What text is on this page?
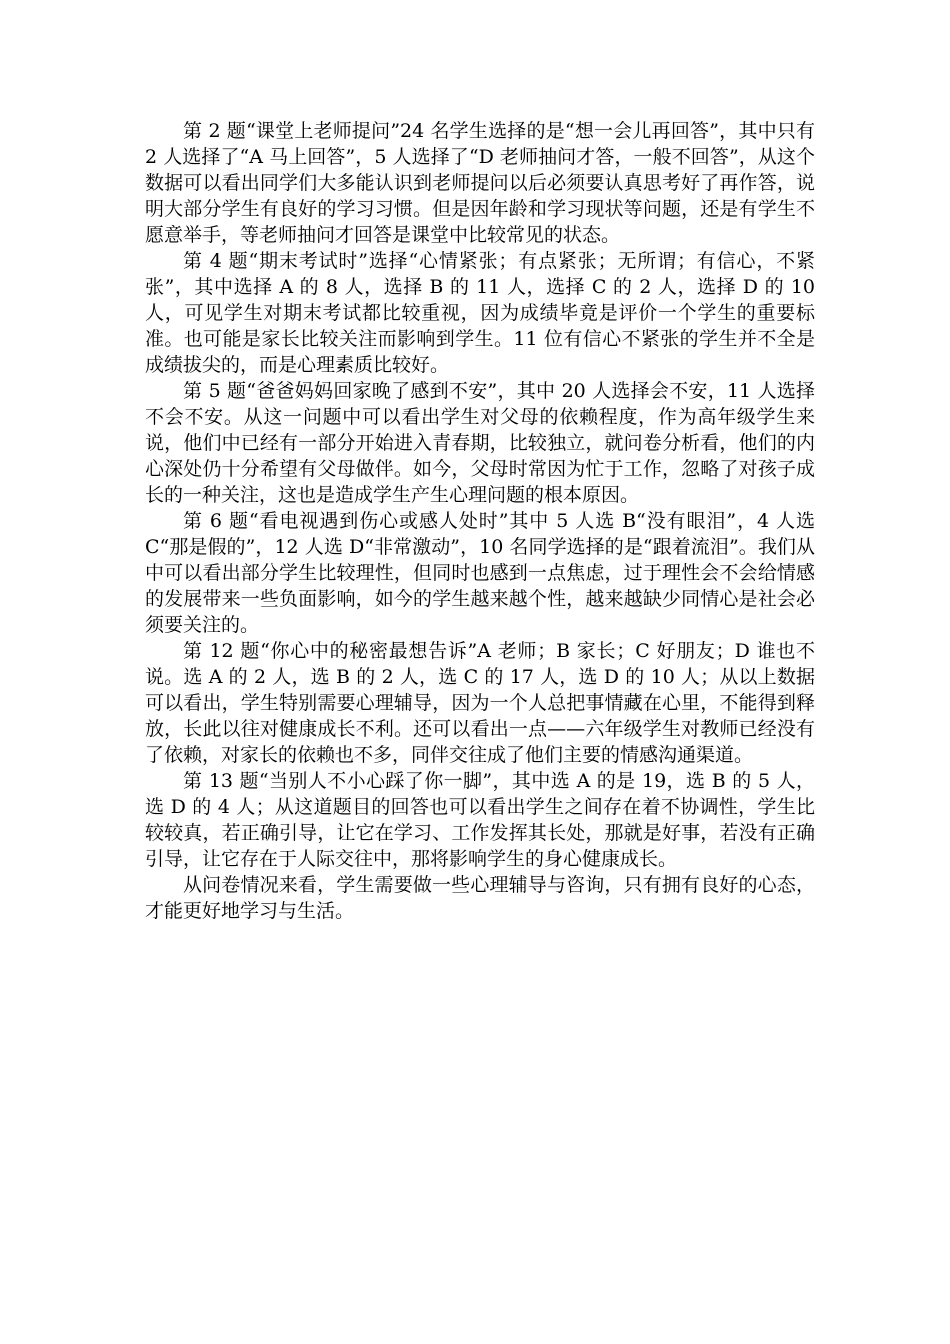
第 2 题“课堂上老师提问”24 名学生选择的是“想一会儿再回答”，其中只有 2 人选择了“A 马上回答”，5 人选择了“D 老师抽问才答，一般不回答”，从这个数据可以看出同学们大多能认识到老师提问以后必须要认真思考好了再作答，说明大部分学生有良好的学习习惯。但是因年龄和学习现状等问题，还是有学生不愿意举手，等老师抽问才回答是课堂中比较常见的状态。

第 4 题“期末考试时”选择“心情紧张；有点紧张；无所谓；有信心，不紧张”，其中选择 A 的 8 人，选择 B 的 11 人，选择 C 的 2 人，选择 D 的 10 人，可见学生对期末考试都比较重视，因为成绩毕竟是评价一个学生的重要标准。也可能是家长比较关注而影响到学生。11 位有信心不紧张的学生并不全是成绩拔尖的，而是心理素质比较好。

第 5 题“爸爸妈妈回家晚了感到不安”，其中 20 人选择会不安，11 人选择不会不安。从这一问题中可以看出学生对父母的依赖程度，作为高年级学生来说，他们中已经有一部分开始进入青春期，比较独立，就问卷分析看，他们的内心深处仍十分希望有父母做伴。如今，父母时常因为忙于工作，忽略了对孩子成长的一种关注，这也是造成学生产生心理问题的根本原因。

第 6 题“看电视遇到伤心或感人处时”其中 5 人选 B“没有眼泪”，4 人选 C“那是假的”，12 人选 D“非常激动”，10 名同学选择的是“跟着流泪”。我们从中可以看出部分学生比较理性，但同时也感到一点焦虑，过于理性会不会给情感的发展带来一些负面影响，如今的学生越来越个性，越来越缺少同情心是社会必须要关注的。

第 12 题“你心中的秘密最想告诉”A 老师；B 家长；C 好朋友；D 谁也不说。选 A 的 2 人，选 B 的 2 人，选 C 的 17 人，选 D 的 10 人；从以上数据可以看出，学生特别需要心理辅导，因为一个人总把事情藏在心里，不能得到释放，长此以往对健康成长不利。还可以看出一点——六年级学生对教师已经没有了依赖，对家长的依赖也不多，同伴交往成了他们主要的情感沟通渠道。

第 13 题“当别人不小心踩了你一脚”，其中选 A 的是 19，选 B 的 5 人，选 D 的 4 人；从这道题目的回答也可以看出学生之间存在着不协调性，学生比较较真，若正确引导，让它在学习、工作发挥其长处，那就是好事，若没有正确引导，让它存在于人际交往中，那将影响学生的身心健康成长。

从问卷情况来看，学生需要做一些心理辅导与咨询，只有拥有良好的心态，才能更好地学习与生活。
